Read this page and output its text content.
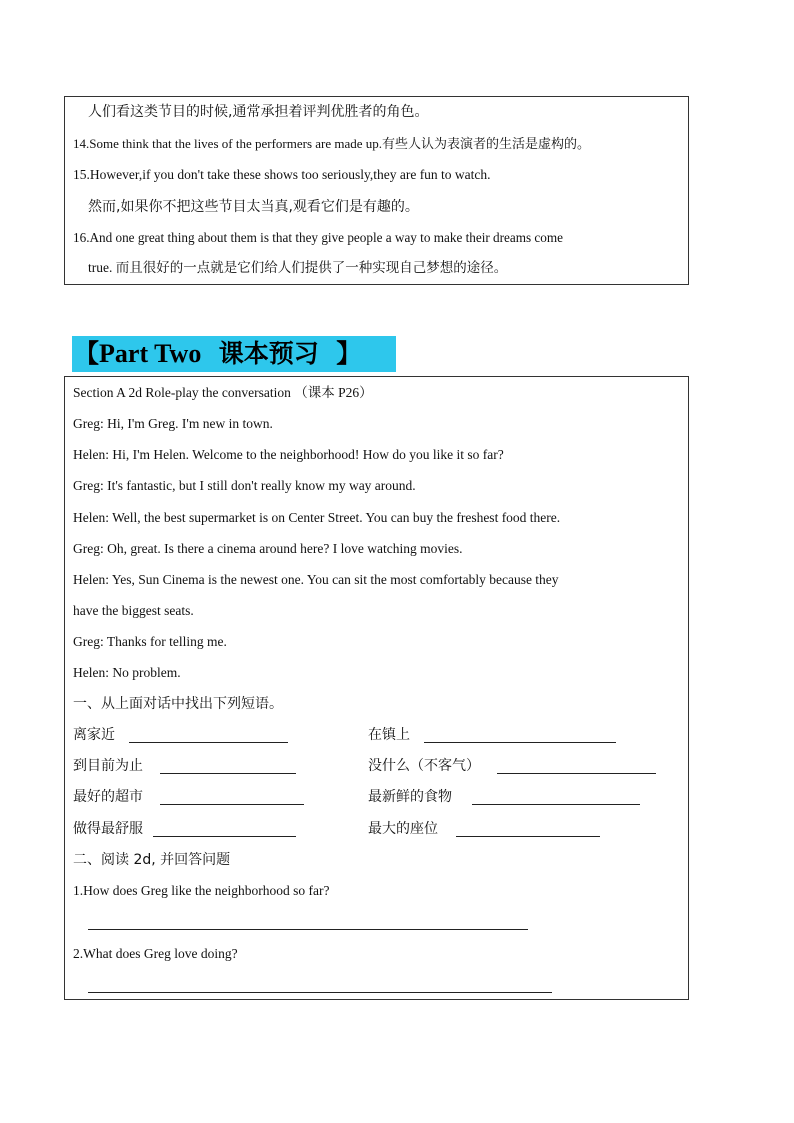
人们看这类节目的时候,通常承担着评判优胜者的角色。
14.Some think that the lives of the performers are made up.有些人认为表演者的生活是虚构的。
15.However,if you don't take these shows too seriously,they are fun to watch.
然而,如果你不把这些节目太当真,观看它们是有趣的。
16.And one great thing about them is that they give people a way to make their dreams come
true. 而且很好的一点就是它们给人们提供了一种实现自己梦想的途径。
【Part Two 课本预习 】
Section A 2d Role-play the conversation （课本 P26）
Greg: Hi, I'm Greg. I'm new in town.
Helen: Hi, I'm Helen. Welcome to the neighborhood! How do you like it so far?
Greg: It's fantastic, but I still don't really know my way around.
Helen: Well, the best supermarket is on Center Street. You can buy the freshest food there.
Greg: Oh, great. Is there a cinema around here? I love watching movies.
Helen: Yes, Sun Cinema is the newest one. You can sit the most comfortably because they
have the biggest seats.
Greg: Thanks for telling me.
Helen: No problem.
一、从上面对话中找出下列短语。
离家近	在镇上
到目前为止	没什么（不客气）
最好的超市	最新鲜的食物
做得最舒服	最大的座位
二、阅读 2d, 并回答问题
1.How does Greg like the neighborhood so far?
2.What does Greg love doing?
